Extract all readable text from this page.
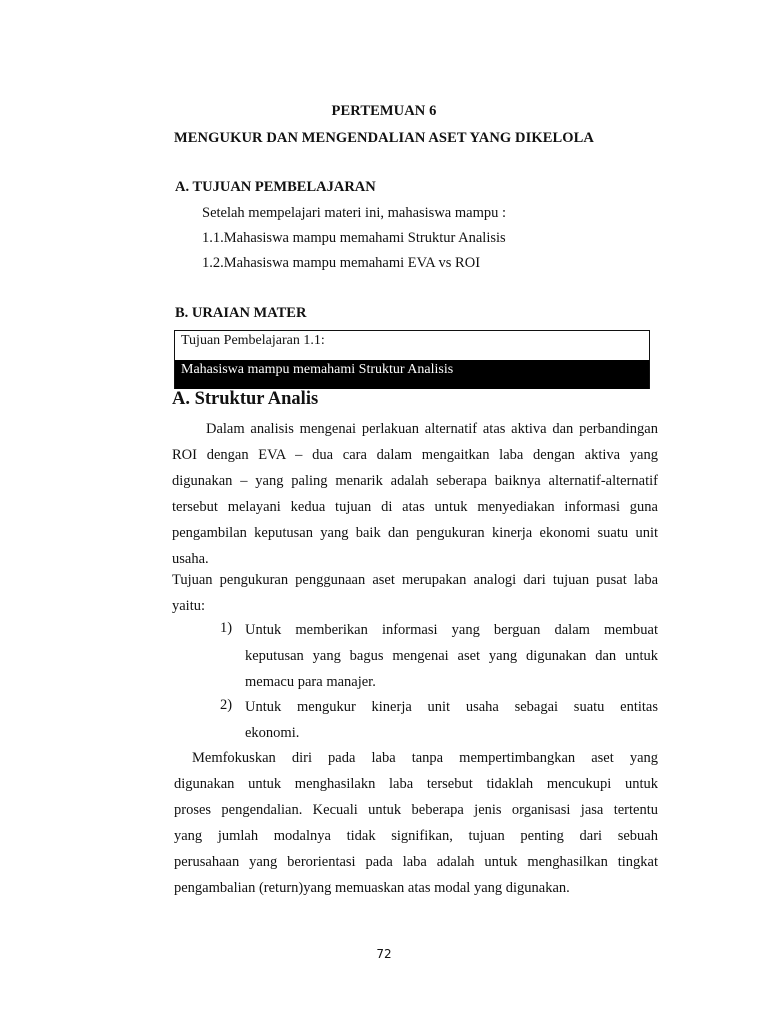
PERTEMUAN 6
MENGUKUR DAN MENGENDALIAN ASET YANG DIKELOLA
A. TUJUAN PEMBELAJARAN
Setelah mempelajari materi ini, mahasiswa mampu :
1.1.Mahasiswa mampu memahami Struktur Analisis
1.2.Mahasiswa mampu memahami EVA vs ROI
B. URAIAN MATER
Tujuan Pembelajaran 1.1:
Mahasiswa mampu memahami Struktur Analisis
A. Struktur Analis
Dalam analisis mengenai perlakuan alternatif atas aktiva dan perbandingan
ROI dengan EVA – dua cara dalam mengaitkan laba dengan aktiva yang
digunakan – yang paling menarik adalah seberapa baiknya alternatif-alternatif
tersebut melayani kedua tujuan di atas untuk menyediakan informasi guna
pengambilan keputusan yang baik dan pengukuran kinerja ekonomi suatu unit
usaha.
Tujuan pengukuran penggunaan aset merupakan analogi dari tujuan pusat laba
yaitu:
1) Untuk memberikan informasi yang berguan dalam membuat
keputusan yang bagus mengenai aset yang digunakan dan untuk
memacu para manajer.
2) Untuk mengukur kinerja unit usaha sebagai suatu entitas
ekonomi.
Memfokuskan diri pada laba tanpa mempertimbangkan aset yang
digunakan untuk menghasilakn laba tersebut tidaklah mencukupi untuk
proses pengendalian. Kecuali untuk beberapa jenis organisasi jasa tertentu
yang jumlah modalnya tidak signifikan, tujuan penting dari sebuah
perusahaan yang berorientasi pada laba adalah untuk menghasilkan tingkat
pengambalian (return)yang memuaskan atas modal yang digunakan.
72
